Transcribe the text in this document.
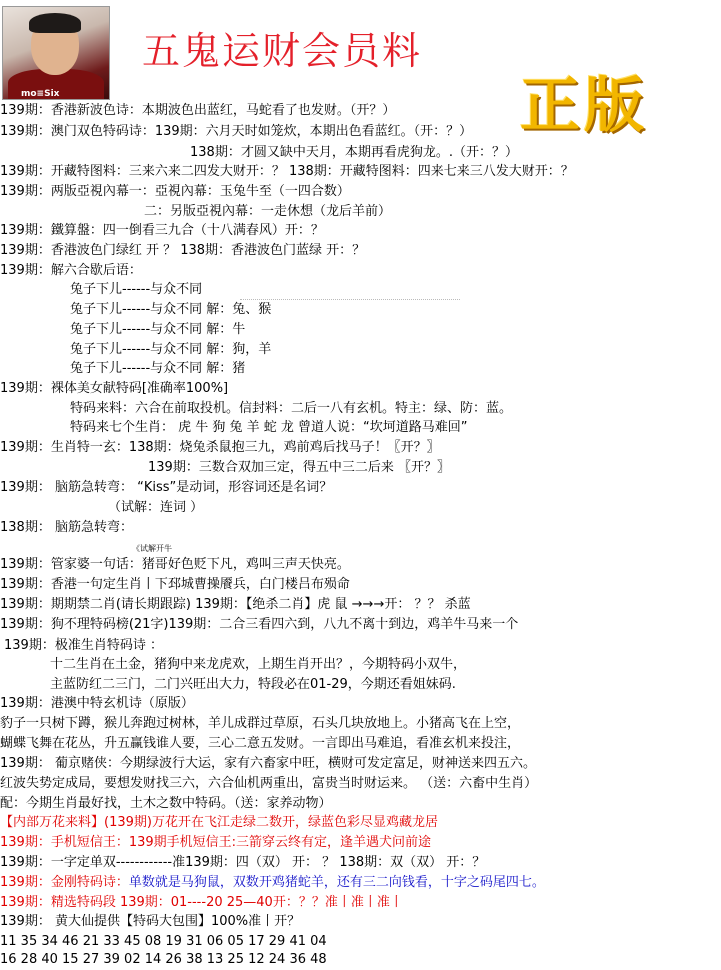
mo≡Six
五鬼运财会员料
正版
139期：香港新波色诗：本期波色出蓝红，马蛇看了也发财。（开？）
139期：澳门双色特码诗：139期：六月天时如笼炊，本期出色看蓝红。（开：？）
138期：才圆又缺中天月，本期再看虎狗龙。.（开：？）
139期：开藏特图料：三来六来二四发大财开：？ 138期：开藏特图料：四来七来三八发大财开：？
139期：两版亞視內幕一：亞視內幕：玉兔牛至（一四合数）
二：另版亞視內幕：一走休想（龙后羊前）
139期：鐵算盤：四一倒看三九合（十八满春风）开：？
139期：香港波色门绿红 开 ？ 138期：香港波色门蓝绿 开：？
139期：解六合歇后语：
兔子下儿------与众不同
兔子下儿------与众不同 解：兔、猴
兔子下儿------与众不同 解：牛
兔子下儿------与众不同 解：狗，羊
兔子下儿------与众不同 解：猪
139期：裸体美女献特码[准确率100%]
特码来料：六合在前取投机。信封料：二后一八有玄机。特主：绿、防：蓝。
特码来七个生肖： 虎 牛 狗 兔 羊 蛇 龙 曾道人说：“坎坷道路马难回”
139期：生肖特一玄：138期：烧兔杀鼠抱三九，鸡前鸡后找马子！〖开？〗
139期：三数合双加三定，得五中三二后来 〖开？〗
139期： 脑筋急转弯： “Kiss”是动词，形容词还是名词？
（试解：连词 ）
138期： 脑筋急转弯：
《试解开牛
139期：管家婆一句话：猪哥好色贬下凡，鸡叫三声天快亮。
139期：香港一句定生肖丨下邳城曹操餍兵，白门楼吕布殒命
139期：期期禁二肖(请长期跟踪) 139期：【绝杀二肖】虎 鼠 →→→开： ？？ 杀蓝
139期：狗不理特码榜(21字)139期：二合三看四六到，八九不离十到边，鸡羊牛马来一个
139期：极准生肖特码诗 ：
十二生肖在土金，猪狗中来龙虎欢，上期生肖开出？，今期特码小双牛，
主蓝防红二三门，二门兴旺出大力，特段必在01-29，今期还看姐妹码.
139期：港澳中特玄机诗（原版）
豹子一只树下蹲，猴儿奔跑过树林，羊儿成群过草原，石头几块放地上。小猪高飞在上空，
蝴蝶飞舞在花丛，升五赢钱谁人要，三心二意五发财。一言即出马难追，看准玄机来投注，
139期： 葡京赌侠：今期绿波行大运，家有六畜家中旺，横财可发定富足，财神送来四五六。
红波失势定成局，要想发财找三六，六合仙机两重出，富贵当时财运来。 （送：六畜中生肖）
配：今期生肖最好找，土木之数中特码。（送：家养动物）
【内部万花来料】(139期)万花开在飞江走绿二数开，绿蓝色彩尽显鸡藏龙居
139期：手机短信王：139期手机短信王:三箭穿云终有定，逢羊遇犬问前途
139期：一字定单双------------准139期：四（双） 开： ？ 138期：双（双） 开：？
139期：金刚特码诗：单数就是马狗鼠，双数开鸡猪蛇羊，还有三二向钱看，十字之码尾四七。
139期：精选特码段 139期：01----20 25—40开：？？准丨准丨准丨
139期： 黄大仙提供【特码大包围】100%准丨开？
11 35 34 46 21 33 45 08 19 31 06 05 17 29 41 04
16 28 40 15 27 39 02 14 26 38 13 25 12 24 36 48
